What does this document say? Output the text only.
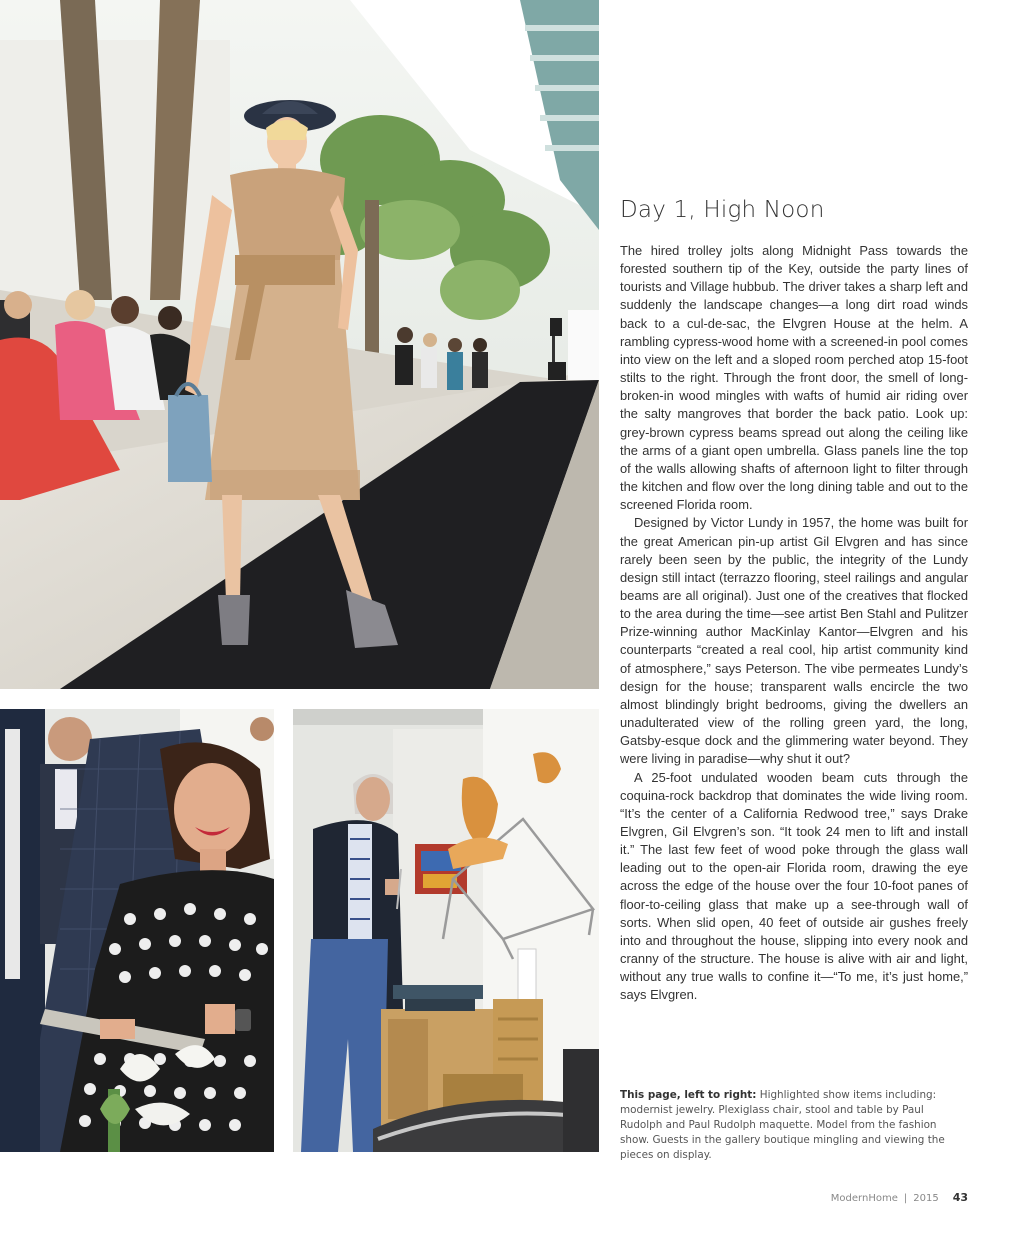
Day 1, High Noon

The hired trolley jolts along Midnight Pass towards the forested southern tip of the Key, outside the party lines of tourists and Village hubbub. The driver takes a sharp left and suddenly the landscape changes—a long dirt road winds back to a cul-de-sac, the Elvgren House at the helm. A rambling cypress-wood home with a screened-in pool comes into view on the left and a sloped room perched atop 15-foot stilts to the right. Through the front door, the smell of long-broken-in wood mingles with wafts of humid air riding over the salty mangroves that border the back patio. Look up: grey-brown cypress beams spread out along the ceiling like the arms of a giant open umbrella. Glass panels line the top of the walls allowing shafts of afternoon light to filter through the kitchen and flow over the long dining table and out to the screened Florida room.

Designed by Victor Lundy in 1957, the home was built for the great American pin-up artist Gil Elvgren and has since rarely been seen by the public, the integrity of the Lundy design still intact (terrazzo flooring, steel railings and angular beams are all original). Just one of the creatives that flocked to the area during the time—see artist Ben Stahl and Pulitzer Prize-winning author MacKinlay Kantor—Elvgren and his counterparts “created a real cool, hip artist community kind of atmosphere,” says Peterson. The vibe permeates Lundy’s design for the house; transparent walls encircle the two almost blindingly bright bedrooms, giving the dwellers an unadulterated view of the rolling green yard, the long, Gatsby-esque dock and the glimmering water beyond. They were living in paradise—why shut it out?

A 25-foot undulated wooden beam cuts through the coquina-rock backdrop that dominates the wide living room. “It’s the center of a California Redwood tree,” says Drake Elvgren, Gil Elvgren’s son. “It took 24 men to lift and install it.” The last few feet of wood poke through the glass wall leading out to the open-air Florida room, drawing the eye across the edge of the house over the four 10-foot panes of floor-to-ceiling glass that make up a see-through wall of sorts. When slid open, 40 feet of outside air gushes freely into and throughout the house, slipping into every nook and cranny of the structure. The house is alive with air and light, without any true walls to confine it—“To me, it’s just home,” says Elvgren.

This page, left to right: Highlighted show items including: modernist jewelry. Plexiglass chair, stool and table by Paul Rudolph and Paul Rudolph maquette. Model from the fashion show. Guests in the gallery boutique mingling and viewing the pieces on display.
ModernHome | 2015 43
